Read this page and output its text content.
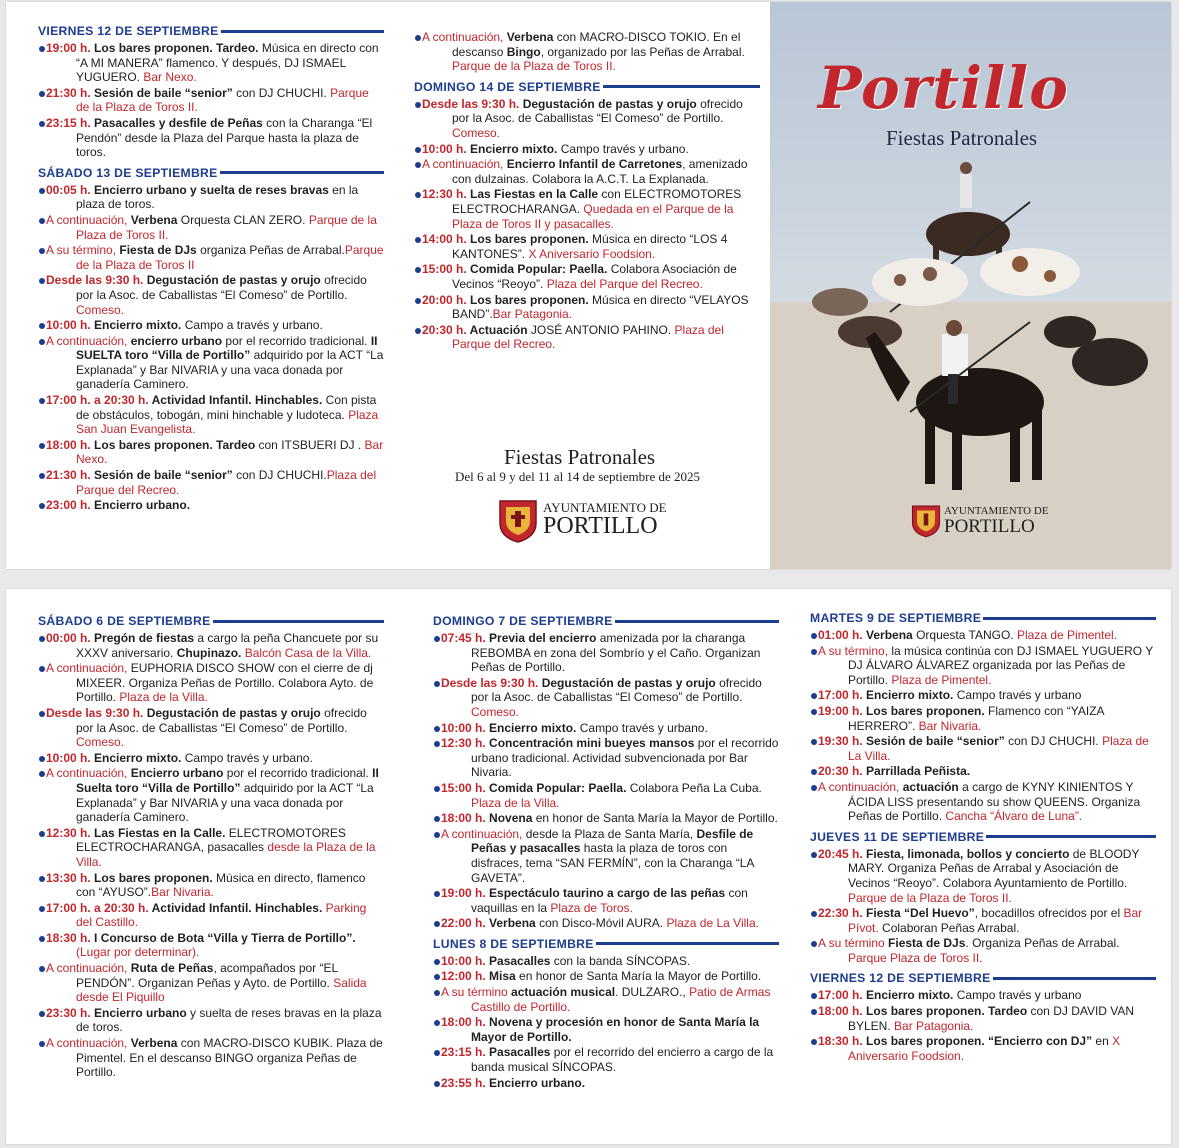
VIERNES 12 DE SEPTIEMBRE
19:00 h. Los bares proponen. Tardeo. Música en directo con “A MI MANERA” flamenco. Y después, DJ ISMAEL YUGUERO. Bar Nexo.
21:30 h. Sesión de baile “senior” con DJ CHUCHI. Parque de la Plaza de Toros II.
23:15 h. Pasacalles y desfile de Peñas con la Charanga “El Pendón” desde la Plaza del Parque hasta la plaza de toros.
SÁBADO 13 DE SEPTIEMBRE
00:05 h. Encierro urbano y suelta de reses bravas en la plaza de toros.
A continuación, Verbena Orquesta CLAN ZERO. Parque de la Plaza de Toros II.
A su término, Fiesta de DJs organiza Peñas de Arrabal.Parque de la Plaza de Toros II
Desde las 9:30 h. Degustación de pastas y orujo ofrecido por la Asoc. de Caballistas “El Comeso” de Portillo. Comeso.
10:00 h. Encierro mixto. Campo a través y urbano.
A continuación, encierro urbano por el recorrido tradicional. II SUELTA toro “Villa de Portillo” adquirido por la ACT “La Explanada” y Bar NIVARIA y una vaca donada por ganadería Caminero.
17:00 h. a 20:30 h. Actividad Infantil. Hinchables. Con pista de obstáculos, tobogán, mini hinchable y ludoteca. Plaza San Juan Evangelista.
18:00 h. Los bares proponen. Tardeo con ITSBUERI DJ . Bar Nexo.
21:30 h. Sesión de baile “senior” con DJ CHUCHI.Plaza del Parque del Recreo.
23:00 h. Encierro urbano.
A continuación, Verbena con MACRO-DISCO TOKIO. En el descanso Bingo, organizado por las Peñas de Arrabal. Parque de la Plaza de Toros II.
DOMINGO 14 DE SEPTIEMBRE
Desde las 9:30 h. Degustación de pastas y orujo ofrecido por la Asoc. de Caballistas “El Comeso” de Portillo. Comeso.
10:00 h. Encierro mixto. Campo través y urbano.
A continuación, Encierro Infantil de Carretones, amenizado con dulzainas. Colabora la A.C.T. La Explanada.
12:30 h. Las Fiestas en la Calle con ELECTROMOTORES ELECTROCHARANGA. Quedada en el Parque de la Plaza de Toros II y pasacalles.
14:00 h. Los bares proponen. Música en directo “LOS 4 KANTONES”. X Aniversario Foodsion.
15:00 h. Comida Popular: Paella. Colabora Asociación de Vecinos “Reoyo”. Plaza del Parque del Recreo.
20:00 h. Los bares proponen. Música en directo “VELAYOS BAND”.Bar Patagonia.
20:30 h. Actuación JOSÉ ANTONIO PAHINO. Plaza del Parque del Recreo.
Fiestas Patronales
Del 6 al 9 y del 11 al 14 de septiembre de 2025
AYUNTAMIENTO DE
PORTILLO
Portillo
Fiestas Patronales
AYUNTAMIENTO DE
PORTILLO
SÁBADO 6 DE SEPTIEMBRE
00:00 h. Pregón de fiestas a cargo la peña Chancuete por su XXXV aniversario. Chupinazo. Balcón Casa de la Villa.
A continuación, EUPHORIA DISCO SHOW con el cierre de dj MIXEER. Organiza Peñas de Portillo. Colabora Ayto. de Portillo. Plaza de la Villa.
Desde las 9:30 h. Degustación de pastas y orujo ofrecido por la Asoc. de Caballistas “El Comeso” de Portillo. Comeso.
10:00 h. Encierro mixto. Campo través y urbano.
A continuación, Encierro urbano por el recorrido tradicional. II Suelta toro “Villa de Portillo” adquirido por la ACT “La Explanada” y Bar NIVARIA y una vaca donada por ganadería Caminero.
12:30 h. Las Fiestas en la Calle. ELECTROMOTORES ELECTROCHARANGA, pasacalles desde la Plaza de la Villa.
13:30 h. Los bares proponen. Música en directo, flamenco con “AYUSO”.Bar Nivaria.
17:00 h. a 20:30 h. Actividad Infantil. Hinchables. Parking del Castillo.
18:30 h. I Concurso de Bota “Villa y Tierra de Portillo”.(Lugar por determinar).
A continuación, Ruta de Peñas, acompañados por “EL PENDÓN”. Organizan Peñas y Ayto. de Portillo. Salida desde El Piquillo
23:30 h. Encierro urbano y suelta de reses bravas en la plaza de toros.
A continuación, Verbena con MACRO-DISCO KUBIK. Plaza de Pimentel. En el descanso BINGO organiza Peñas de Portillo.
DOMINGO 7 DE SEPTIEMBRE
07:45 h. Previa del encierro amenizada por la charanga REBOMBA en zona del Sombrío y el Caño. Organizan Peñas de Portillo.
Desde las 9:30 h. Degustación de pastas y orujo ofrecido por la Asoc. de Caballistas “El Comeso” de Portillo. Comeso.
10:00 h. Encierro mixto. Campo través y urbano.
12:30 h. Concentración mini bueyes mansos por el recorrido urbano tradicional. Actividad subvencionada por Bar Nivaria.
15:00 h. Comida Popular: Paella. Colabora Peña La Cuba. Plaza de la Villa.
18:00 h. Novena en honor de Santa María la Mayor de Portillo.
A continuación, desde la Plaza de Santa María, Desfile de Peñas y pasacalles hasta la plaza de toros con disfraces, tema “SAN FERMÍN”, con la Charanga “LA GAVETA”.
19:00 h. Espectáculo taurino a cargo de las peñas con vaquillas en la Plaza de Toros.
22:00 h. Verbena con Disco-Móvil AURA. Plaza de La Villa.
LUNES 8 DE SEPTIEMBRE
10:00 h. Pasacalles con la banda SÍNCOPAS.
12:00 h. Misa en honor de Santa María la Mayor de Portillo.
A su término actuación musical. DULZARO., Patio de Armas Castillo de Portillo.
18:00 h. Novena y procesión en honor de Santa María la Mayor de Portillo.
23:15 h. Pasacalles por el recorrido del encierro a cargo de la banda musical SÍNCOPAS.
23:55 h. Encierro urbano.
MARTES 9 DE SEPTIEMBRE
01:00 h. Verbena Orquesta TANGO. Plaza de Pimentel.
A su término, la música continúa con DJ ISMAEL YUGUERO Y DJ ÁLVARO ÁLVAREZ organizada por las Peñas de Portillo. Plaza de Pimentel.
17:00 h. Encierro mixto. Campo través y urbano
19:00 h. Los bares proponen. Flamenco con “YAIZA HERRERO”. Bar Nivaria.
19:30 h. Sesión de baile “senior” con DJ CHUCHI. Plaza de La Villa.
20:30 h. Parrillada Peñista.
A continuación, actuación a cargo de KYNY KINIENTOS Y ÁCIDA LISS presentando su show QUEENS. Organiza Peñas de Portillo. Cancha “Álvaro de Luna”.
JUEVES 11 DE SEPTIEMBRE
20:45 h. Fiesta, limonada, bollos y concierto de BLOODY MARY. Organiza Peñas de Arrabal y Asociación de Vecinos “Reoyo”. Colabora Ayuntamiento de Portillo. Parque de la Plaza de Toros II.
22:30 h. Fiesta “Del Huevo”, bocadillos ofrecidos por el Bar Pívot. Colaboran Peñas Arrabal.
A su término Fiesta de DJs. Organiza Peñas de Arrabal. Parque Plaza de Toros II.
VIERNES 12 DE SEPTIEMBRE
17:00 h. Encierro mixto. Campo través y urbano
18:00 h. Los bares proponen. Tardeo con DJ DAVID VAN BYLEN. Bar Patagonia.
18:30 h. Los bares proponen. “Encierro con DJ” en X Aniversario Foodsion.
